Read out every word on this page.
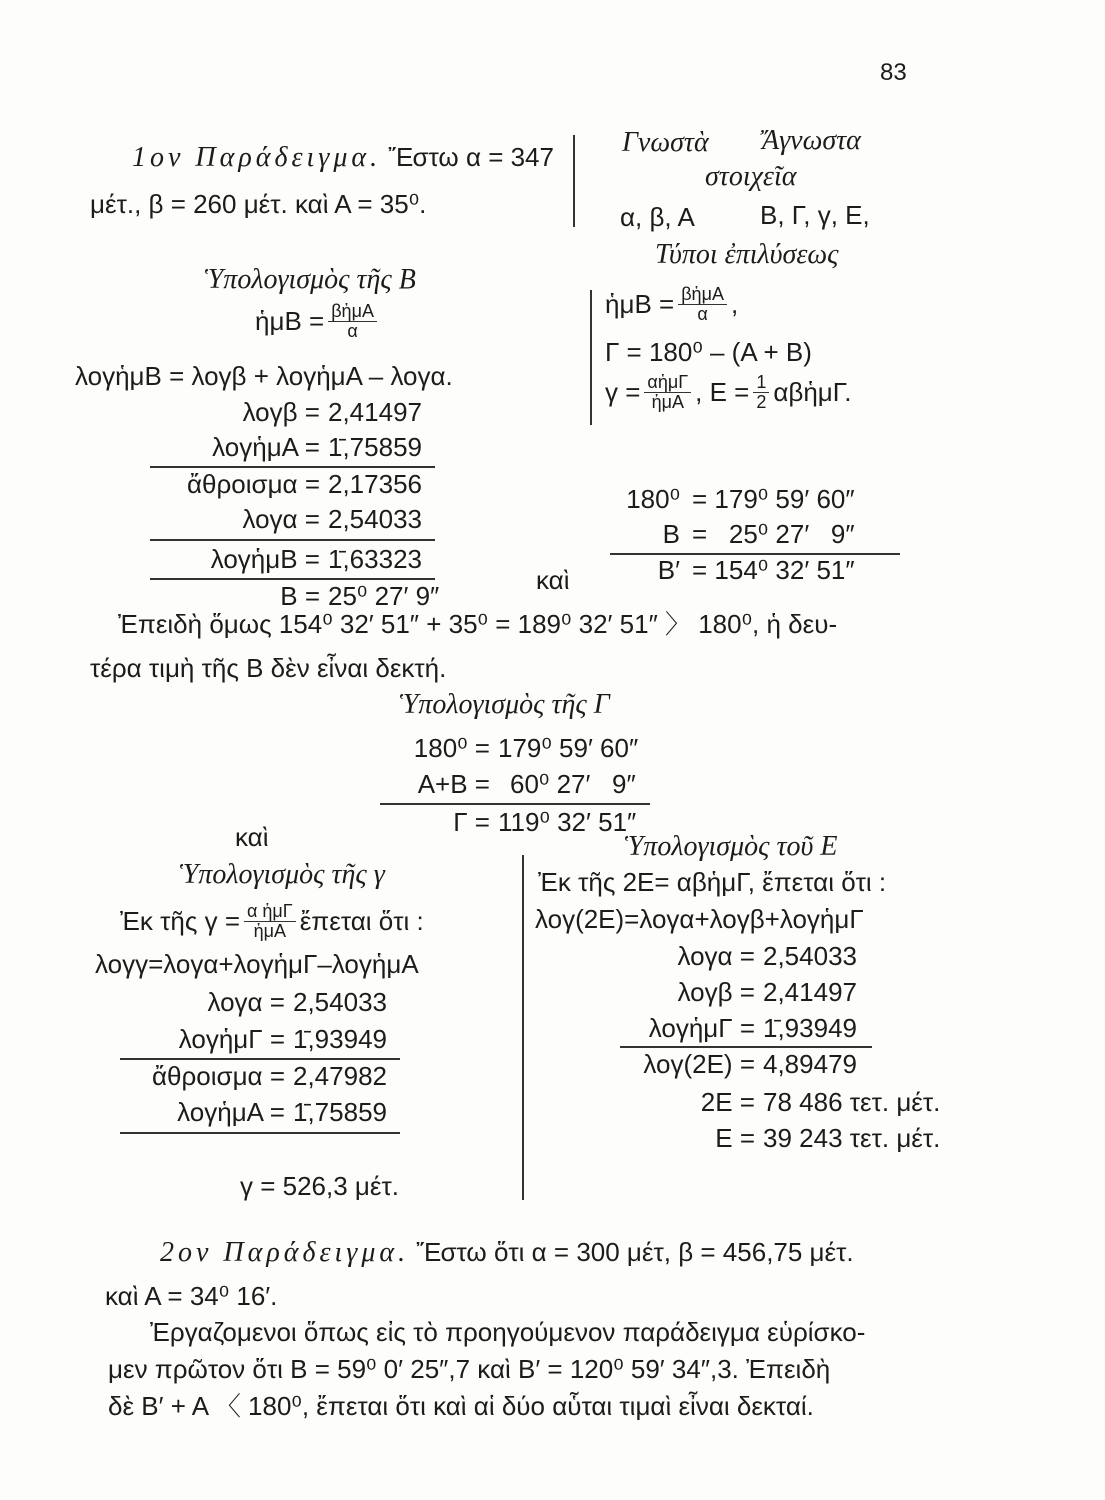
83
1ον Παράδειγμα. Ἔστω α = 347
μέτ., β = 260 μέτ. καὶ Α = 35⁰.
Γνωστὰ Ἄγνωστα
στοιχεῖα
α, β, Α	Β, Γ, γ, Ε,
Τύποι ἐπιλύσεως
Ὑπολογισμὸς τῆς Β
ἡμΒ = $\frac{\text{βἡμΑ}}{\alpha}$
λογἡμΒ = λογβ + λογἡμΑ – λογα.
λογβ = 2,41497
λογἡμΑ = 1̄,75859
ἄθροισμα = 2,17356
λογα = 2,54033
λογἡμΒ = 1̄,63323
Β = 25⁰ 27′ 9″
καὶ
ἡμΒ = $\frac{\text{βἡμΑ}}{\alpha}$ ,
Γ = 180⁰ – (Α + Β)
$\gamma = \frac{\text{αἡμΓ}}{\text{ἡμΑ}}$ , $E = \frac{1}{2}$ αβἡμΓ.
180⁰ = 179⁰ 59′ 60″
Β =   25⁰ 27′   9″
Β′ = 154⁰ 32′ 51″
Ἐπειδὴ ὅμως 154⁰ 32′ 51″ + 35⁰ = 189⁰ 32′ 51″ 〉 180⁰, ἡ δευ-
τέρα τιμὴ τῆς Β δὲν εἶναι δεκτή.
Ὑπολογισμὸς τῆς Γ
180⁰ = 179⁰ 59′ 60″
Α+Β = 60⁰ 27′   9″
Γ = 119⁰ 32′ 51″
καὶ
Ὑπολογισμὸς τῆς γ
Ἐκ τῆς $\gamma = \frac{\text{α ἡμΓ}}{\text{ἡμΑ}}$ ἔπεται ὅτι :
λογγ=λογα+λογἡμΓ–λογἡμΑ
λογα = 2,54033
λογἡμΓ = 1̄,93949
ἄθροισμα = 2,47982
λογἡμΑ = 1̄,75859
γ = 526,3 μέτ.
Ὑπολογισμὸς τοῦ Ε
Ἐκ τῆς 2Ε= αβἡμΓ, ἔπεται ὅτι :
λογ(2Ε)=λογα+λογβ+λογἡμΓ
λογα = 2,54033
λογβ = 2,41497
λογἡμΓ = 1̄,93949
λογ(2Ε) = 4,89479
2Ε = 78 486 τετ. μέτ.
Ε = 39 243 τετ. μέτ.
2ον Παράδειγμα. Ἔστω ὅτι α = 300 μέτ, β = 456,75 μέτ.
καὶ Α = 34⁰ 16′.
Ἐργαζομενοι ὅπως εἰς τὸ προηγούμενον παράδειγμα εὑρίσκο-
μεν πρῶτον ὅτι Β = 59⁰ 0′ 25″,7 καὶ Β′ = 120⁰ 59′ 34″,3. Ἐπειδὴ
δὲ Β′ + Α 〈 180⁰, ἔπεται ὅτι καὶ αἱ δύο αὗται τιμαὶ εἶναι δεκταί.
